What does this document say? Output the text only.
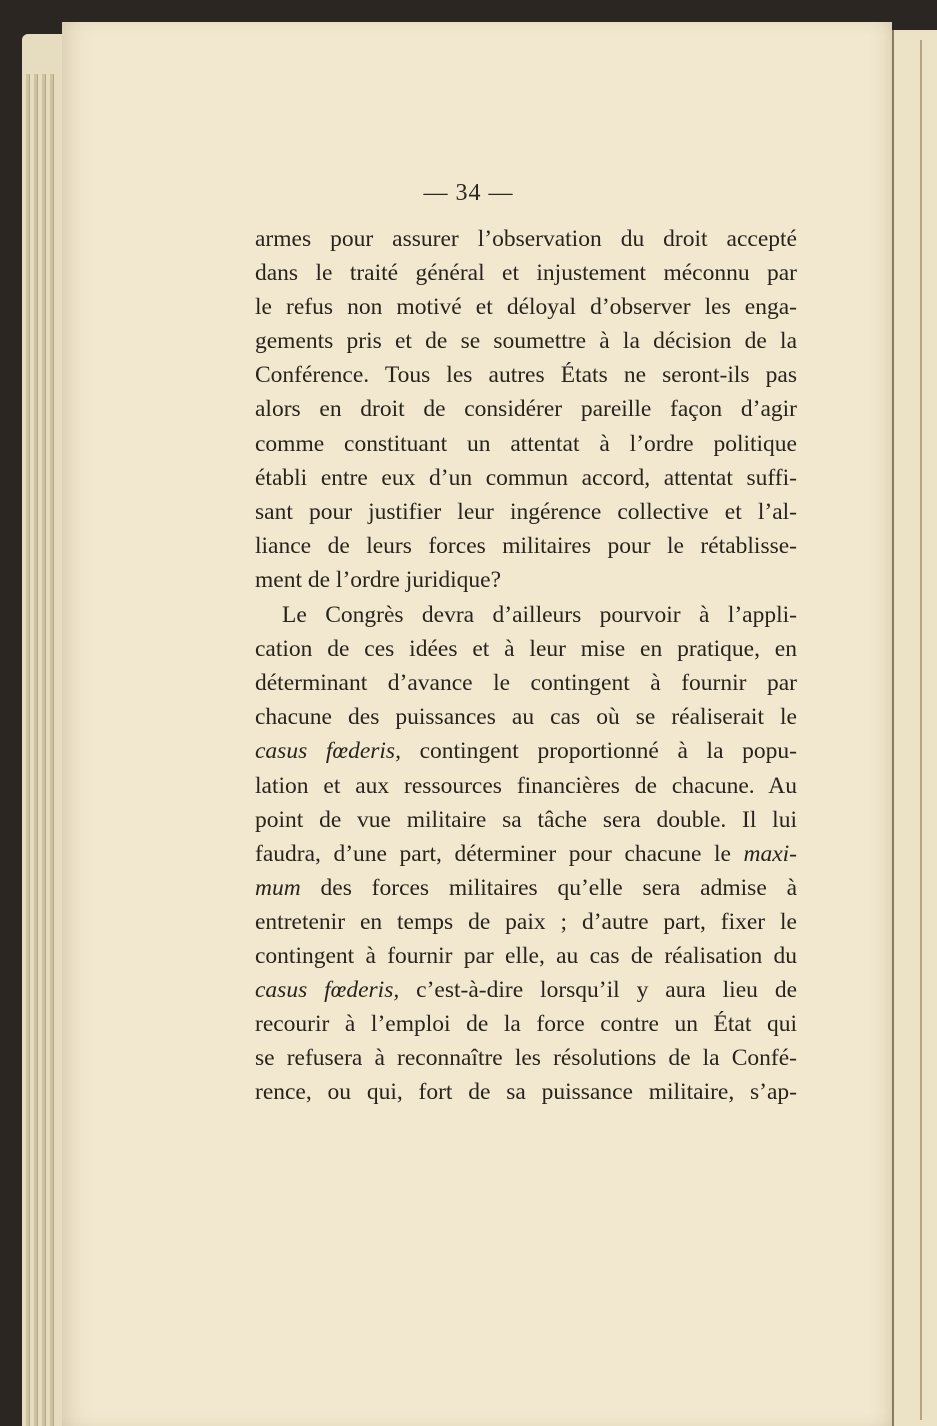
— 34 —
armes pour assurer l’observation du droit accepté
dans le traité général et injustement méconnu par
le refus non motivé et déloyal d’observer les enga-
gements pris et de se soumettre à la décision de la
Conférence. Tous les autres États ne seront-ils pas
alors en droit de considérer pareille façon d’agir
comme constituant un attentat à l’ordre politique
établi entre eux d’un commun accord, attentat suffi-
sant pour justifier leur ingérence collective et l’al-
liance de leurs forces militaires pour le rétablisse-
ment de l’ordre juridique?
Le Congrès devra d’ailleurs pourvoir à l’appli-
cation de ces idées et à leur mise en pratique, en
déterminant d’avance le contingent à fournir par
chacune des puissances au cas où se réaliserait le
casus fœderis, contingent proportionné à la popu-
lation et aux ressources financières de chacune. Au
point de vue militaire sa tâche sera double. Il lui
faudra, d’une part, déterminer pour chacune le maxi-
mum des forces militaires qu’elle sera admise à
entretenir en temps de paix ; d’autre part, fixer le
contingent à fournir par elle, au cas de réalisation du
casus fœderis, c’est-à-dire lorsqu’il y aura lieu de
recourir à l’emploi de la force contre un État qui
se refusera à reconnaître les résolutions de la Confé-
rence, ou qui, fort de sa puissance militaire, s’ap-
